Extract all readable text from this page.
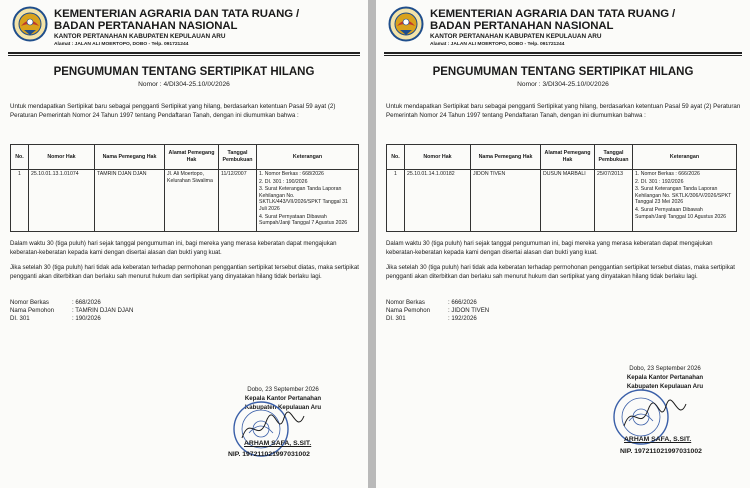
KEMENTERIAN AGRARIA DAN TATA RUANG /
BADAN PERTANAHAN NASIONAL
KANTOR PERTANAHAN KABUPATEN KEPULAUAN ARU
Alamat : JALAN ALI MOERTOPO, DOBO - Telp. 091721244
PENGUMUMAN TENTANG SERTIPIKAT HILANG
Nomor : 4/DI304-25.10/IX/2026
Untuk mendapatkan Sertipikat baru sebagai pengganti Sertipikat yang hilang, berdasarkan ketentuan Pasal 59 ayat (2) Peraturan Pemerintah Nomor 24 Tahun 1997 tentang Pendaftaran Tanah, dengan ini diumumkan bahwa :
No.	Nomor Hak	Nama Pemegang Hak	Alamat Pemegang Hak	Tanggal Pembukuan	Keterangan
1	25.10.01.13.1.01074	TAMRIN DJAN DJAN	Jl. Ali Moertopo, Kelurahan Siwalima	11/12/2007	1. Nomor Berkas : 668/2026
2. DI. 301 : 190/2026
3. Surat Keterangan Tanda Laporan Kehilangan No. SKTLK/443/VII/2026/SPKT Tanggal 31 Juli 2026
4. Surat Pernyataan Dibawah Sumpah/Janji Tanggal 7 Agustus 2026
Dalam waktu 30 (tiga puluh) hari sejak tanggal pengumuman ini, bagi mereka yang merasa keberatan dapat mengajukan keberatan-keberatan kepada kami dengan disertai alasan dan bukti yang kuat.
Jika setelah 30 (tiga puluh) hari tidak ada keberatan terhadap permohonan penggantian sertipikat tersebut diatas, maka sertipikat pengganti akan diterbitkan dan berlaku sah menurut hukum dan sertipikat yang dinyatakan hilang tidak berlaku lagi.
Nomor Berkas	: 668/2026
Nama Pemohon	: TAMRIN DJAN DJAN
DI. 301	: 190/2026
Dobo, 23 September 2026
Kepala Kantor Pertanahan
Kabupaten Kepulauan Aru
ARHAM SAFA, S.SIT.
NIP. 197211021997031002
KEMENTERIAN AGRARIA DAN TATA RUANG /
BADAN PERTANAHAN NASIONAL
KANTOR PERTANAHAN KABUPATEN KEPULAUAN ARU
Alamat : JALAN ALI MOERTOPO, DOBO - Telp. 091721244
PENGUMUMAN TENTANG SERTIPIKAT HILANG
Nomor : 3/DI304-25.10/IX/2026
Untuk mendapatkan Sertipikat baru sebagai pengganti Sertipikat yang hilang, berdasarkan ketentuan Pasal 59 ayat (2) Peraturan Pemerintah Nomor 24 Tahun 1997 tentang Pendaftaran Tanah, dengan ini diumumkan bahwa :
No.	Nomor Hak	Nama Pemegang Hak	Alamat Pemegang Hak	Tanggal Pembukuan	Keterangan
1	25.10.01.14.1.00182	JIDON TIVEN	DUSUN MARBALI	25/07/2013	1. Nomor Berkas : 666/2026
2. DI. 301 : 192/2026
3. Surat Keterangan Tanda Laporan Kehilangan No. SKTLK/306/V/2026/SPKT Tanggal 23 Mei 2026
4. Surat Pernyataan Dibawah Sumpah/Janji Tanggal 10 Agustus 2026
Dalam waktu 30 (tiga puluh) hari sejak tanggal pengumuman ini, bagi mereka yang merasa keberatan dapat mengajukan keberatan-keberatan kepada kami dengan disertai alasan dan bukti yang kuat.
Jika setelah 30 (tiga puluh) hari tidak ada keberatan terhadap permohonan penggantian sertipikat tersebut diatas, maka sertipikat pengganti akan diterbitkan dan berlaku sah menurut hukum dan sertipikat yang dinyatakan hilang tidak berlaku lagi.
Nomor Berkas	: 666/2026
Nama Pemohon	: JIDON TIVEN
DI. 301	: 192/2026
Dobo, 23 September 2026
Kepala Kantor Pertanahan
Kabupaten Kepulauan Aru
ARHAM SAFA, S.SIT.
NIP. 197211021997031002
